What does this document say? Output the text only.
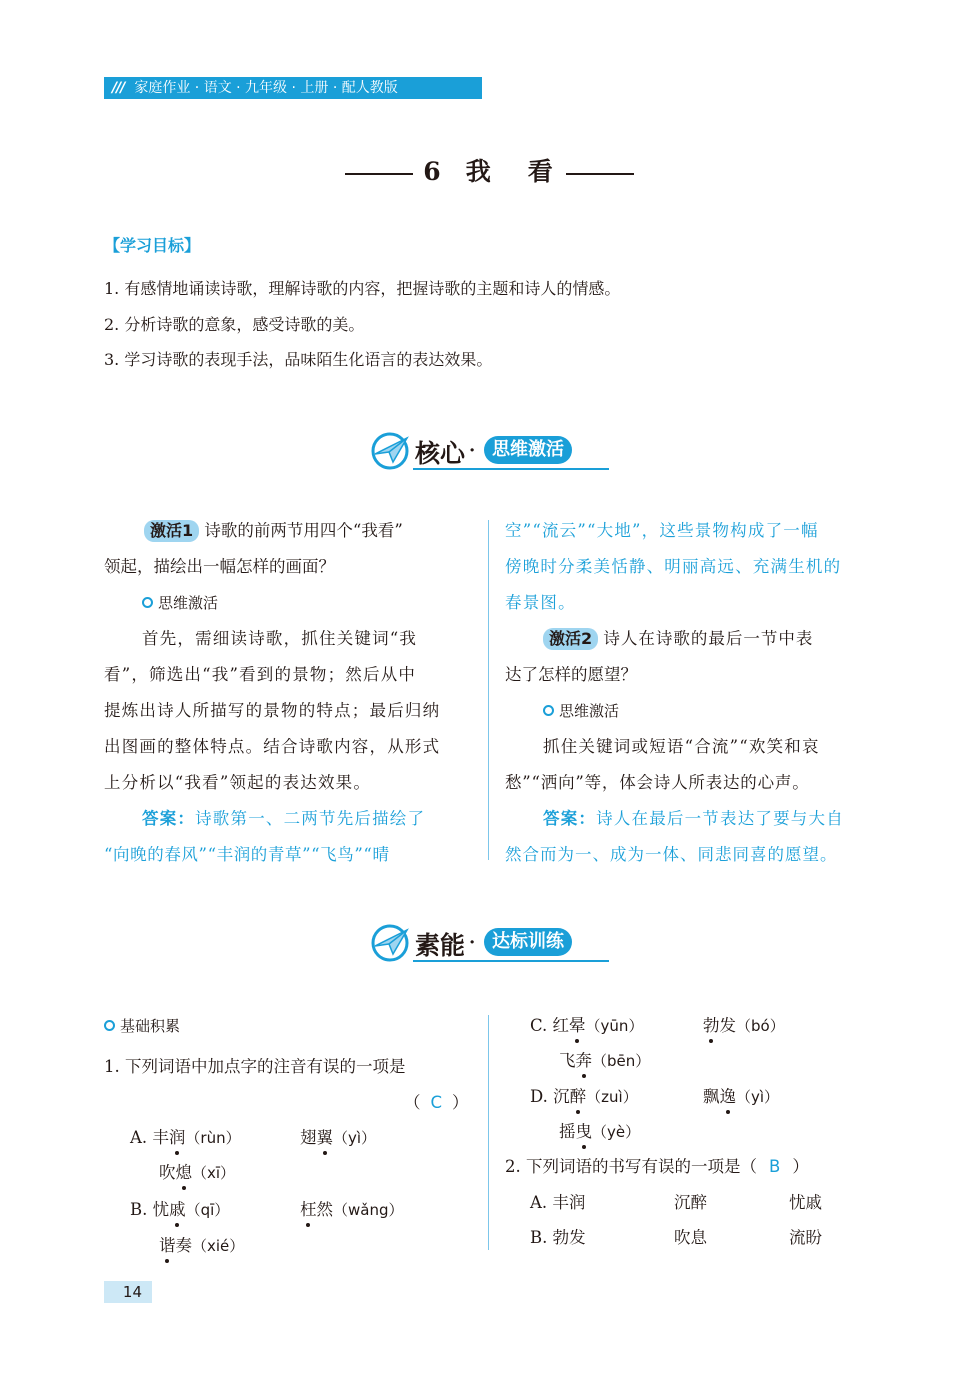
/// 家庭作业 · 语文 · 九年级 · 上册 · 配人教版
6 我 看
【学习目标】
1. 有感情地诵读诗歌，理解诗歌的内容，把握诗歌的主题和诗人的情感。
2. 分析诗歌的意象，感受诗歌的美。
3. 学习诗歌的表现手法，品味陌生化语言的表达效果。
核心 · 思维激活
激活1 诗歌的前两节用四个“我看”
领起，描绘出一幅怎样的画面？
思维激活
首先，需细读诗歌，抓住关键词“我
看”，筛选出“我”看到的景物；然后从中
提炼出诗人所描写的景物的特点；最后归纳
出图画的整体特点。结合诗歌内容，从形式
上分析以“我看”领起的表达效果。
答案：诗歌第一、二两节先后描绘了
“向晚的春风”“丰润的青草”“飞鸟”“晴
空”“流云”“大地”，这些景物构成了一幅
傍晚时分柔美恬静、明丽高远、充满生机的
春景图。
激活2 诗人在诗歌的最后一节中表
达了怎样的愿望？
思维激活
抓住关键词或短语“合流”“欢笑和哀
愁”“洒向”等，体会诗人所表达的心声。
答案：诗人在最后一节表达了要与大自
然合而为一、成为一体、同悲同喜的愿望。
素能 · 达标训练
基础积累
1. 下列词语中加点字的注音有误的一项是
（ C ）
A. 丰润（rùn）	翅翼（yì）
吹熄（xī）
B. 忧戚（qī）	枉然（wǎng）
谐奏（xié）
C. 红晕（yūn）	勃发（bó）
飞奔（bēn）
D. 沉醉（zuì）	飘逸（yì）
摇曳（yè）
2. 下列词语的书写有误的一项是（ B ）
A. 丰润	沉醉	忧戚
B. 勃发	吹息	流盼
14
